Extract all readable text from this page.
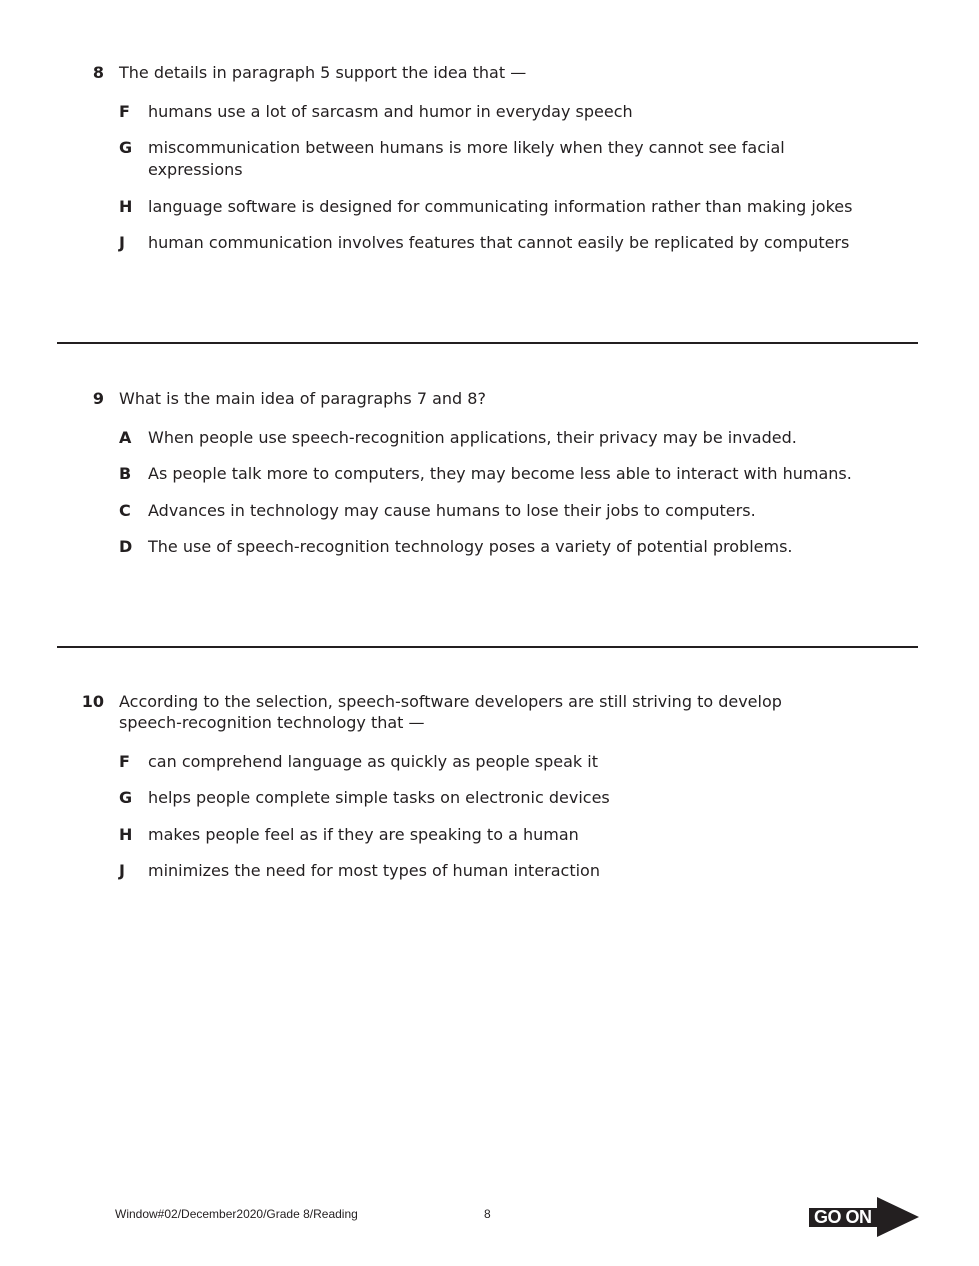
8 The details in paragraph 5 support the idea that —
F humans use a lot of sarcasm and humor in everyday speech
G miscommunication between humans is more likely when they cannot see facial expressions
H language software is designed for communicating information rather than making jokes
J human communication involves features that cannot easily be replicated by computers
9 What is the main idea of paragraphs 7 and 8?
A When people use speech-recognition applications, their privacy may be invaded.
B As people talk more to computers, they may become less able to interact with humans.
C Advances in technology may cause humans to lose their jobs to computers.
D The use of speech-recognition technology poses a variety of potential problems.
10 According to the selection, speech-software developers are still striving to develop speech-recognition technology that —
F can comprehend language as quickly as people speak it
G helps people complete simple tasks on electronic devices
H makes people feel as if they are speaking to a human
J minimizes the need for most types of human interaction
Window#02/December2020/Grade 8/Reading	8	GO ON
